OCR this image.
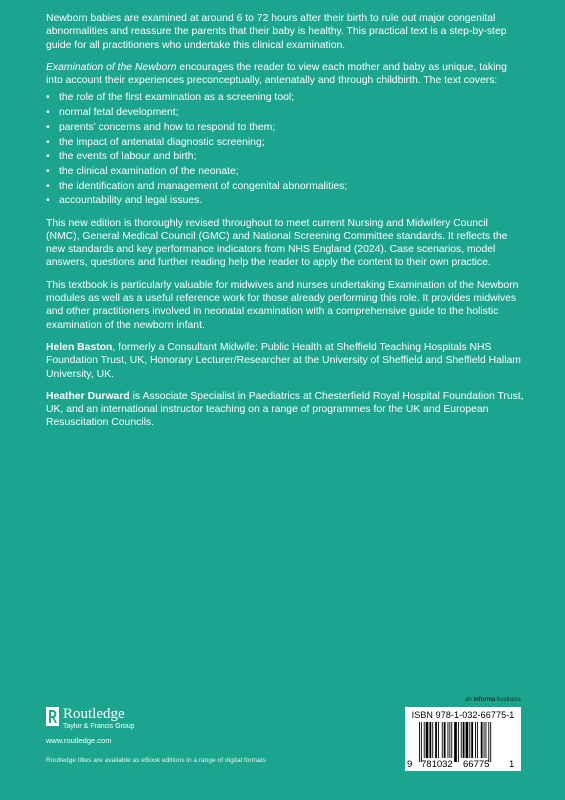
Newborn babies are examined at around 6 to 72 hours after their birth to rule out major congenital abnormalities and reassure the parents that their baby is healthy. This practical text is a step-by-step guide for all practitioners who undertake this clinical examination.

Examination of the Newborn encourages the reader to view each mother and baby as unique, taking into account their experiences preconceptually, antenatally and through childbirth. The text covers:

• the role of the first examination as a screening tool;
• normal fetal development;
• parents’ concerns and how to respond to them;
• the impact of antenatal diagnostic screening;
• the events of labour and birth;
• the clinical examination of the neonate;
• the identification and management of congenital abnormalities;
• accountability and legal issues.

This new edition is thoroughly revised throughout to meet current Nursing and Midwifery Council (NMC), General Medical Council (GMC) and National Screening Committee standards. It reflects the new standards and key performance indicators from NHS England (2024). Case scenarios, model answers, questions and further reading help the reader to apply the content to their own practice.

This textbook is particularly valuable for midwives and nurses undertaking Examination of the Newborn modules as well as a useful reference work for those already performing this role. It provides midwives and other practitioners involved in neonatal examination with a comprehensive guide to the holistic examination of the newborn infant.

Helen Baston, formerly a Consultant Midwife: Public Health at Sheffield Teaching Hospitals NHS Foundation Trust, UK, Honorary Lecturer/Researcher at the University of Sheffield and Sheffield Hallam University, UK.

Heather Durward is Associate Specialist in Paediatrics at Chesterfield Royal Hospital Foundation Trust, UK, and an international instructor teaching on a range of programmes for the UK and European Resuscitation Councils.

Routledge
Taylor & Francis Group
www.routledge.com
Routledge titles are available as eBook editions in a range of digital formats
an informa business
ISBN 978-1-032-66775-1
9 781032 66775 1
